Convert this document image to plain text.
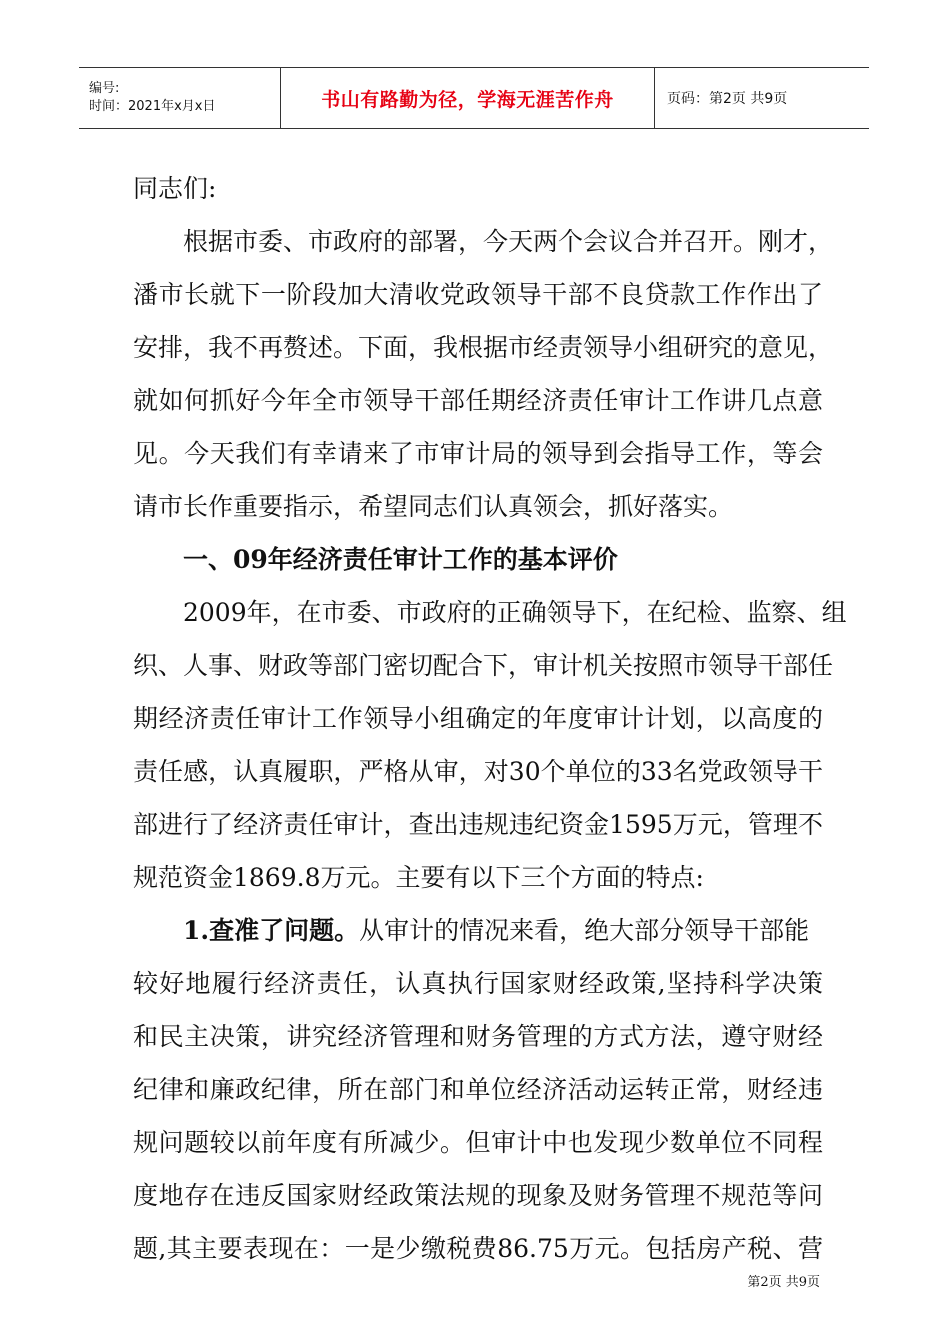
编号:
时间：2021年x月x日	书山有路勤为径，学海无涯苦作舟	页码：第2页 共9页
同志们:
根据市委、市政府的部署，今天两个会议合并召开。刚才，
潘市长就下一阶段加大清收党政领导干部不良贷款工作作出了
安排，我不再赘述。下面，我根据市经责领导小组研究的意见，
就如何抓好今年全市领导干部任期经济责任审计工作讲几点意
见。今天我们有幸请来了市审计局的领导到会指导工作，等会
请市长作重要指示，希望同志们认真领会，抓好落实。
一、09年经济责任审计工作的基本评价
2009年，在市委、市政府的正确领导下，在纪检、监察、组
织、人事、财政等部门密切配合下，审计机关按照市领导干部任
期经济责任审计工作领导小组确定的年度审计计划，以高度的
责任感，认真履职，严格从审，对30个单位的33名党政领导干
部进行了经济责任审计，查出违规违纪资金1595万元，管理不
规范资金1869.8万元。主要有以下三个方面的特点:
1.查准了问题。从审计的情况来看，绝大部分领导干部能
较好地履行经济责任，认真执行国家财经政策,坚持科学决策
和民主决策，讲究经济管理和财务管理的方式方法，遵守财经
纪律和廉政纪律，所在部门和单位经济活动运转正常，财经违
规问题较以前年度有所减少。但审计中也发现少数单位不同程
度地存在违反国家财经政策法规的现象及财务管理不规范等问
题,其主要表现在：一是少缴税费86.75万元。包括房产税、营
第2页 共9页
